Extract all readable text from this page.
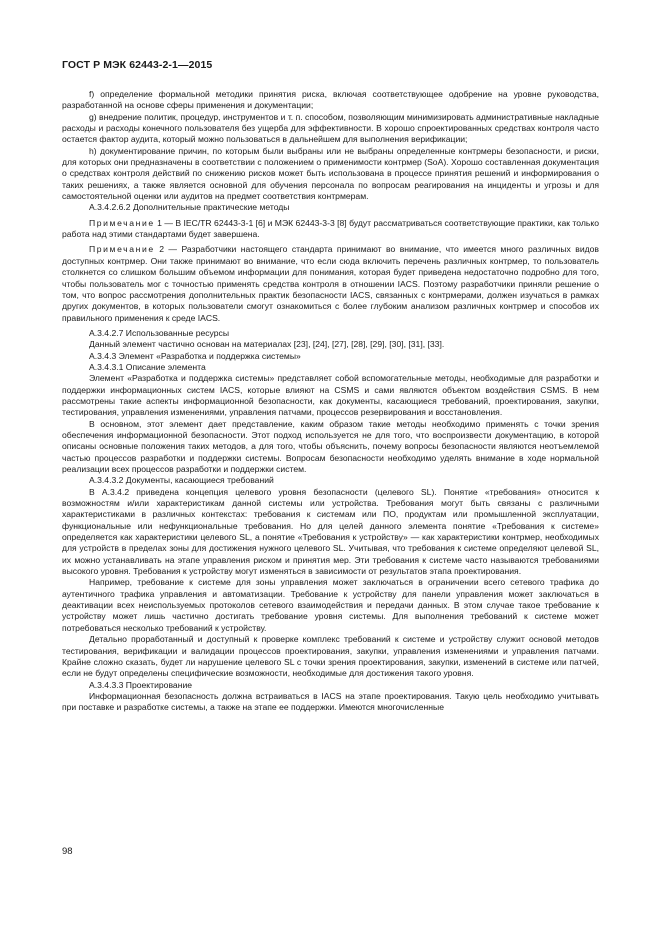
ГОСТ Р МЭК 62443-2-1—2015

f) определение формальной методики принятия риска, включая соответствующее одобрение на уровне руководства, разработанной на основе сферы применения и документации;

g) внедрение политик, процедур, инструментов и т. п. способом, позволяющим минимизировать административные накладные расходы и расходы конечного пользователя без ущерба для эффективности. В хорошо спроектированных средствах контроля часто остается фактор аудита, который можно пользоваться в дальнейшем для выполнения верификации;

h) документирование причин, по которым были выбраны или не выбраны определенные контрмеры безопасности, и риски, для которых они предназначены в соответствии с положением о применимости контрмер (SoA). Хорошо составленная документация о средствах контроля действий по снижению рисков может быть использована в процессе принятия решений и информирования о таких решениях, а также является основной для обучения персонала по вопросам реагирования на инциденты и угрозы и для самостоятельной оценки или аудитов на предмет соответствия контрмерам.

A.3.4.2.6.2 Дополнительные практические методы

Примечание 1 — В IEC/TR 62443-3-1 [6] и МЭК 62443-3-3 [8] будут рассматриваться соответствующие практики, как только работа над этими стандартами будет завершена.

Примечание 2 — Разработчики настоящего стандарта принимают во внимание, что имеется много различных видов доступных контрмер. Они также принимают во внимание, что если сюда включить перечень различных контрмер, то пользователь столкнется со слишком большим объемом информации для понимания, которая будет приведена недостаточно подробно для того, чтобы пользователь мог с точностью применять средства контроля в отношении IACS. Поэтому разработчики приняли решение о том, что вопрос рассмотрения дополнительных практик безопасности IACS, связанных с контрмерами, должен изучаться в рамках других документов, в которых пользователи смогут ознакомиться с более глубоким анализом различных контрмер и способов их правильного применения к среде IACS.

A.3.4.2.7 Использованные ресурсы

Данный элемент частично основан на материалах [23], [24], [27], [28], [29], [30], [31], [33].

A.3.4.3 Элемент «Разработка и поддержка системы»

A.3.4.3.1 Описание элемента

Элемент «Разработка и поддержка системы» представляет собой вспомогательные методы, необходимые для разработки и поддержки информационных систем IACS, которые влияют на CSMS и сами являются объектом воздействия CSMS. В нем рассмотрены такие аспекты информационной безопасности, как документы, касающиеся требований, проектирования, закупки, тестирования, управления изменениями, управления патчами, процессов резервирования и восстановления.

В основном, этот элемент дает представление, каким образом такие методы необходимо применять с точки зрения обеспечения информационной безопасности. Этот подход используется не для того, что воспроизвести документацию, в которой описаны основные положения таких методов, а для того, чтобы объяснить, почему вопросы безопасности являются неотъемлемой частью процессов разработки и поддержки системы. Вопросам безопасности необходимо уделять внимание в ходе нормальной реализации всех процессов разработки и поддержки систем.

A.3.4.3.2 Документы, касающиеся требований

В A.3.4.2 приведена концепция целевого уровня безопасности (целевого SL). Понятие «требования» относится к возможностям и/или характеристикам данной системы или устройства. Требования могут быть связаны с различными характеристиками в различных контекстах: требования к системам или ПО, продуктам или промышленной эксплуатации, функциональные или нефункциональные требования. Но для целей данного элемента понятие «Требования к системе» определяется как характеристики целевого SL, а понятие «Требования к устройству» — как характеристики контрмер, необходимых для устройств в пределах зоны для достижения нужного целевого SL. Учитывая, что требования к системе определяют целевой SL, их можно устанавливать на этапе управления риском и принятия мер. Эти требования к системе часто называются требованиями высокого уровня. Требования к устройству могут изменяться в зависимости от результатов этапа проектирования.

Например, требование к системе для зоны управления может заключаться в ограничении всего сетевого трафика до аутентичного трафика управления и автоматизации. Требование к устройству для панели управления может заключаться в деактивации всех неиспользуемых протоколов сетевого взаимодействия и передачи данных. В этом случае такое требование к устройству может лишь частично достигать требование уровня системы. Для выполнения требований к системе может потребоваться несколько требований к устройству.

Детально проработанный и доступный к проверке комплекс требований к системе и устройству служит основой методов тестирования, верификации и валидации процессов проектирования, закупки, управления изменениями и управления патчами. Крайне сложно сказать, будет ли нарушение целевого SL с точки зрения проектирования, закупки, изменений в системе или патчей, если не будут определены специфические возможности, необходимые для достижения такого уровня.

A.3.4.3.3 Проектирование

Информационная безопасность должна встраиваться в IACS на этапе проектирования. Такую цель необходимо учитывать при поставке и разработке системы, а также на этапе ее поддержки. Имеются многочисленные

98
